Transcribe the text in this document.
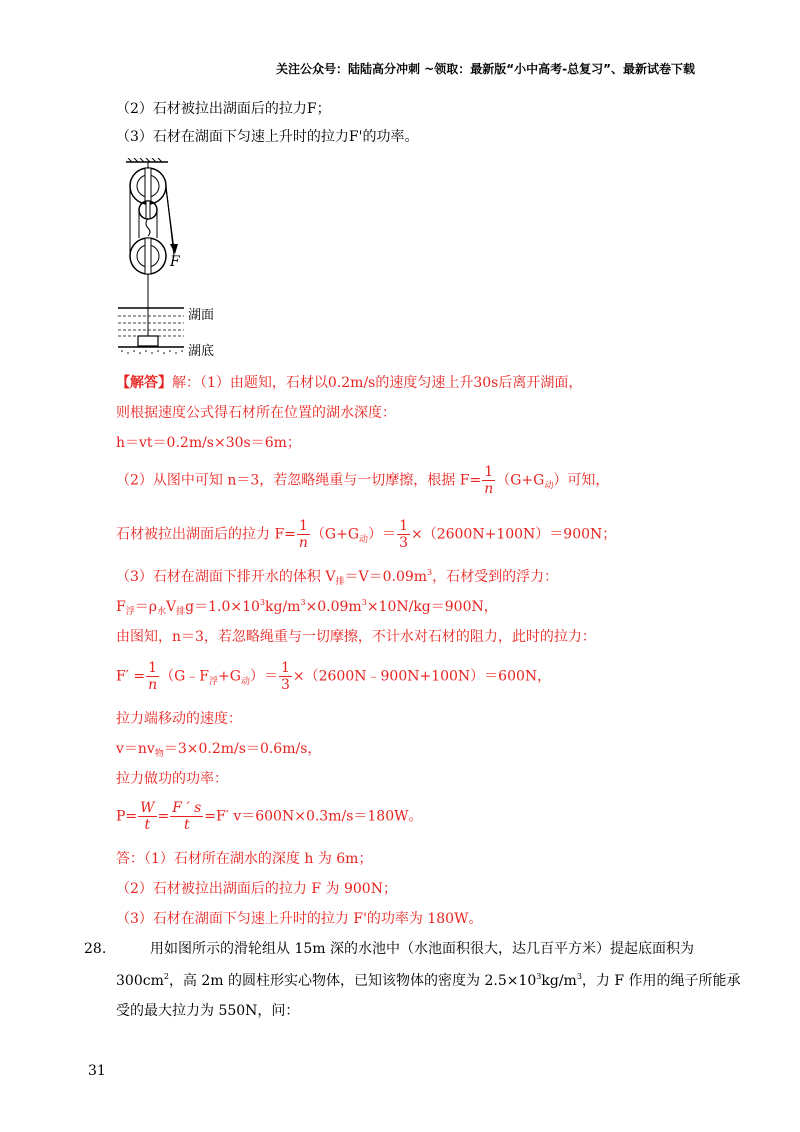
关注公众号：陆陆高分冲刺 ~领取：最新版“小中高考-总复习”、最新试卷下载
（2）石材被拉出湖面后的拉力F；
（3）石材在湖面下匀速上升时的拉力F'的功率。
F
湖面
湖底
【解答】解：（1）由题知，石材以0.2m/s的速度匀速上升30s后离开湖面，
则根据速度公式得石材所在位置的湖水深度：
h＝vt＝0.2m/s×30s＝6m；
（2）从图中可知 n＝3，若忽略绳重与一切摩擦，根据 $F= \frac{1}{n} (G+G_动)$可知，
石材被拉出湖面后的拉力 $F= \frac{1}{n} (G+G_动)= \frac{1}{3} \times(2600N+100N)=900N$；
（3）石材在湖面下排开水的体积 $V_排=V=0.09m^3$，石材受到的浮力：
$F_浮=\rho_水V_排g=1.0\times 10^3kg/m^3\times 0.09m^3\times 10N/kg=900N$，
由图知，n＝3，若忽略绳重与一切摩擦，不计水对石材的阻力，此时的拉力：
$F' = \frac{1}{n}$ $(G﹣F_浮+G_动)= \frac{1}{3}$ ×（2600N﹣900N+100N）＝600N，
拉力端移动的速度：
$v=nv_物=3\times 0.2m/s=0.6m/s$，
拉力做功的功率：
$P= \frac{W}{t} = \frac{F ' s}{t} =F'$ v＝600N×0.3m/s＝180W。
答：（1）石材所在湖水的深度 h 为 6m；
（2）石材被拉出湖面后的拉力 F 为 900N；
（3）石材在湖面下匀速上升时的拉力 F'的功率为 180W。
28.	用如图所示的滑轮组从 15m 深的水池中（水池面积很大，达几百平方米）提起底面积为
$300cm^2$，高 2m 的圆柱形实心物体，已知该物体的密度为 $2.5\times 10^3kg/m^3$，力 F 作用的绳子所能承
受的最大拉力为 550N，问：
31
